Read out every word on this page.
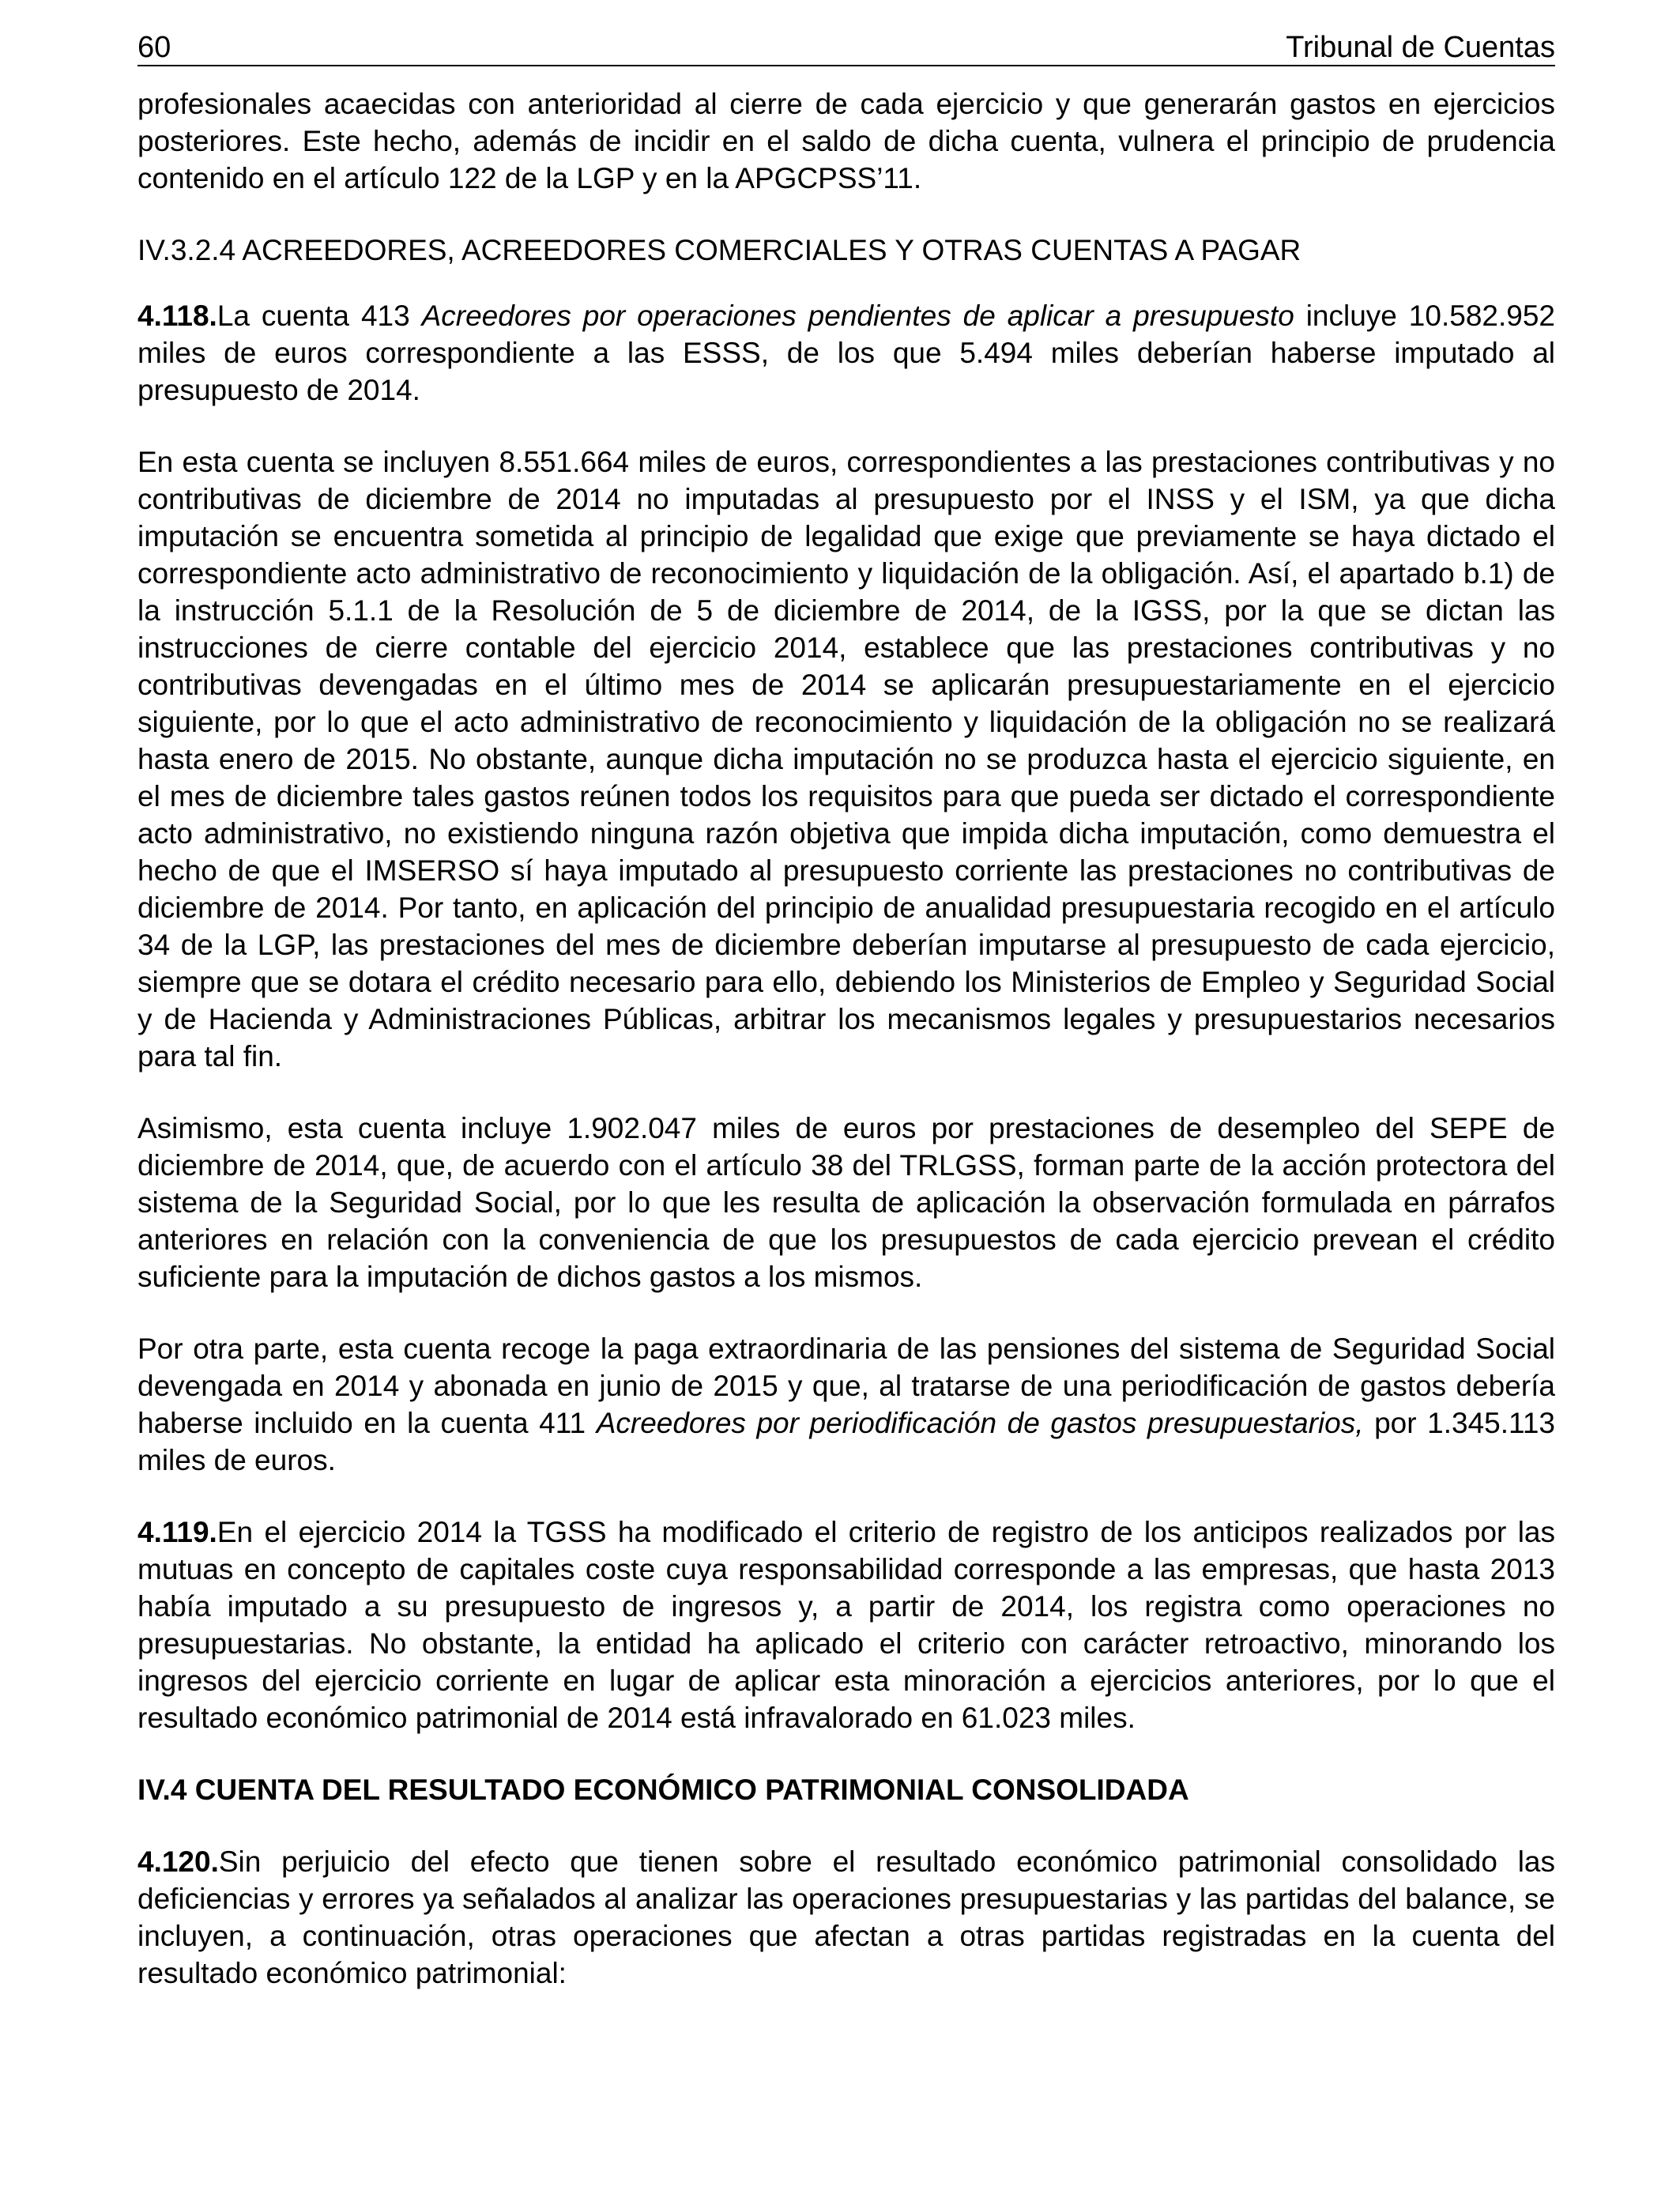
60	Tribunal de Cuentas

profesionales acaecidas con anterioridad al cierre de cada ejercicio y que generarán gastos en ejercicios posteriores. Este hecho, además de incidir en el saldo de dicha cuenta, vulnera el principio de prudencia contenido en el artículo 122 de la LGP y en la APGCPSS’11.

IV.3.2.4 ACREEDORES, ACREEDORES COMERCIALES Y OTRAS CUENTAS A PAGAR

4.118.La cuenta 413 Acreedores por operaciones pendientes de aplicar a presupuesto incluye 10.582.952 miles de euros correspondiente a las ESSS, de los que 5.494 miles deberían haberse imputado al presupuesto de 2014.

En esta cuenta se incluyen 8.551.664 miles de euros, correspondientes a las prestaciones contributivas y no contributivas de diciembre de 2014 no imputadas al presupuesto por el INSS y el ISM, ya que dicha imputación se encuentra sometida al principio de legalidad que exige que previamente se haya dictado el correspondiente acto administrativo de reconocimiento y liquidación de la obligación. Así, el apartado b.1) de la instrucción 5.1.1 de la Resolución de 5 de diciembre de 2014, de la IGSS, por la que se dictan las instrucciones de cierre contable del ejercicio 2014, establece que las prestaciones contributivas y no contributivas devengadas en el último mes de 2014 se aplicarán presupuestariamente en el ejercicio siguiente, por lo que el acto administrativo de reconocimiento y liquidación de la obligación no se realizará hasta enero de 2015. No obstante, aunque dicha imputación no se produzca hasta el ejercicio siguiente, en el mes de diciembre tales gastos reúnen todos los requisitos para que pueda ser dictado el correspondiente acto administrativo, no existiendo ninguna razón objetiva que impida dicha imputación, como demuestra el hecho de que el IMSERSO sí haya imputado al presupuesto corriente las prestaciones no contributivas de diciembre de 2014. Por tanto, en aplicación del principio de anualidad presupuestaria recogido en el artículo 34 de la LGP, las prestaciones del mes de diciembre deberían imputarse al presupuesto de cada ejercicio, siempre que se dotara el crédito necesario para ello, debiendo los Ministerios de Empleo y Seguridad Social y de Hacienda y Administraciones Públicas, arbitrar los mecanismos legales y presupuestarios necesarios para tal fin.

Asimismo, esta cuenta incluye 1.902.047 miles de euros por prestaciones de desempleo del SEPE de diciembre de 2014, que, de acuerdo con el artículo 38 del TRLGSS, forman parte de la acción protectora del sistema de la Seguridad Social, por lo que les resulta de aplicación la observación formulada en párrafos anteriores en relación con la conveniencia de que los presupuestos de cada ejercicio prevean el crédito suficiente para la imputación de dichos gastos a los mismos.

Por otra parte, esta cuenta recoge la paga extraordinaria de las pensiones del sistema de Seguridad Social devengada en 2014 y abonada en junio de 2015 y que, al tratarse de una periodificación de gastos debería haberse incluido en la cuenta 411 Acreedores por periodificación de gastos presupuestarios, por 1.345.113 miles de euros.

4.119.En el ejercicio 2014 la TGSS ha modificado el criterio de registro de los anticipos realizados por las mutuas en concepto de capitales coste cuya responsabilidad corresponde a las empresas, que hasta 2013 había imputado a su presupuesto de ingresos y, a partir de 2014, los registra como operaciones no presupuestarias. No obstante, la entidad ha aplicado el criterio con carácter retroactivo, minorando los ingresos del ejercicio corriente en lugar de aplicar esta minoración a ejercicios anteriores, por lo que el resultado económico patrimonial de 2014 está infravalorado en 61.023 miles.

IV.4 CUENTA DEL RESULTADO ECONÓMICO PATRIMONIAL CONSOLIDADA

4.120.Sin perjuicio del efecto que tienen sobre el resultado económico patrimonial consolidado las deficiencias y errores ya señalados al analizar las operaciones presupuestarias y las partidas del balance, se incluyen, a continuación, otras operaciones que afectan a otras partidas registradas en la cuenta del resultado económico patrimonial:
